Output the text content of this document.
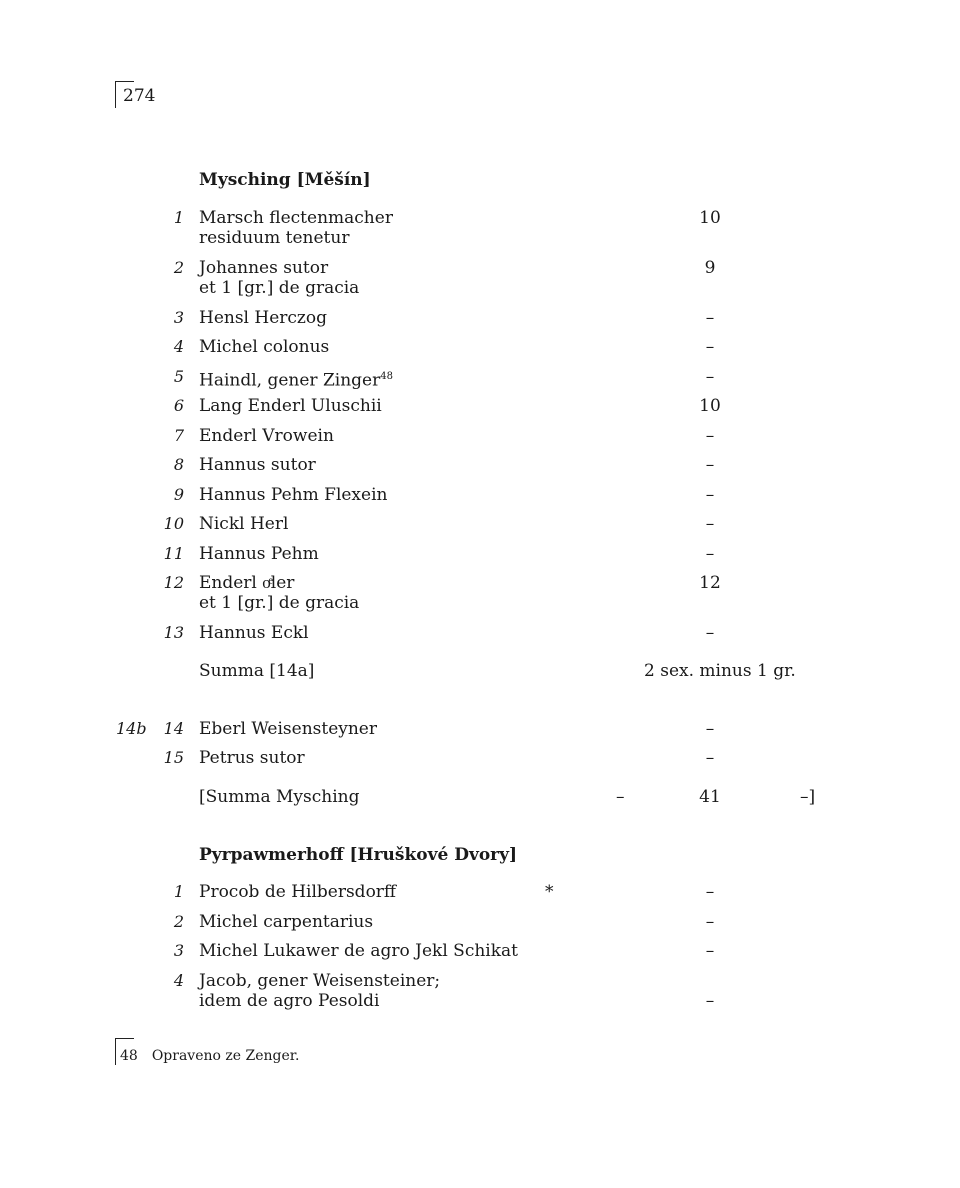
274
Mysching [Měšín]
1 Marsch flectenmacher	10
residuum tenetur
2 Johannes sutor	9
et 1 [gr.] de gracia
3 Hensl Herczog	–
4 Michel colonus	–
5 Haindl, gener Zinger$^{48}$	–
6 Lang Enderl Uluschii	10
7 Enderl Vrowein	–
8 Hannus sutor	–
9 Hannus Pehm Flexein	–
10 Nickl Herl	–
11 Hannus Pehm	–
12 Enderl o͏͏ͤler	12
et 1 [gr.] de gracia
13 Hannus Eckl	–
Summa [14a]	2 sex. minus 1 gr.
14b	14 Eberl Weisensteyner	–
15 Petrus sutor	–
[Summa Mysching	–	41	–]
Pyrpawmerhoff [Hruškové Dvory]
1 Procob de Hilbersdorff	*	–
2 Michel carpentarius	–
3 Michel Lukawer de agro Jekl Schikat	–
4 Jacob, gener Weisensteiner;
idem de agro Pesoldi	–
48 Opraveno ze Zenger.
